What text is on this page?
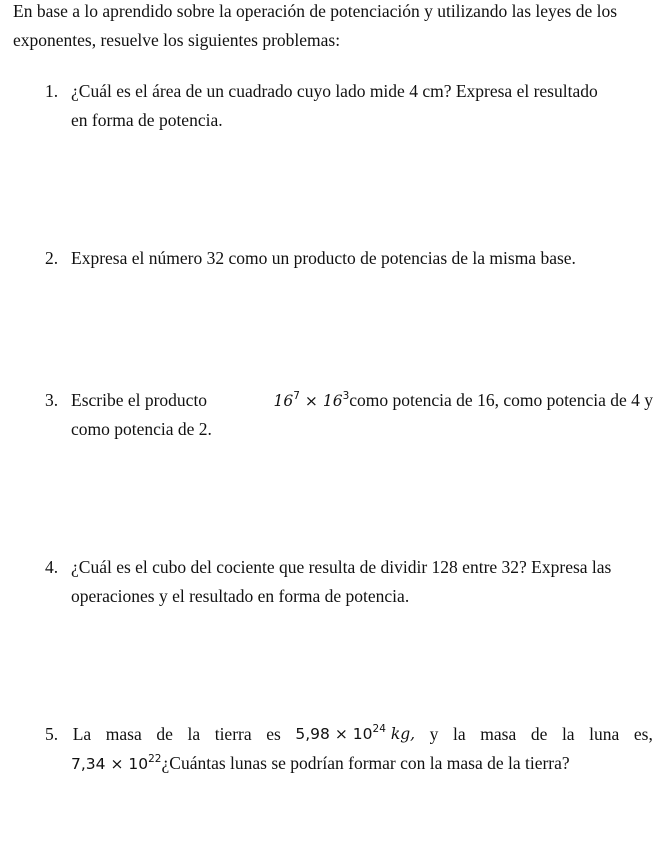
En base a lo aprendido sobre la operación de potenciación y utilizando las leyes de los
exponentes, resuelve los siguientes problemas:
1. ¿Cuál es el área de un cuadrado cuyo lado mide 4 cm? Expresa el resultado
en forma de potencia.
2. Expresa el número 32 como un producto de potencias de la misma base.
3. Escribe el producto	$16^7$ × $16^3como$ potencia de 16, como potencia de 4 y
como potencia de 2.
4. ¿Cuál es el cubo del cociente que resulta de dividir 128 entre 32? Expresa las
operaciones y el resultado en forma de potencia.
5. La masa de la tierra es $5,98 \times 10^{24}$ kg, y la masa de la luna es,
$7,34 \times 10^{22}¿Cuántas$ lunas se podrían formar con la masa de la tierra?
